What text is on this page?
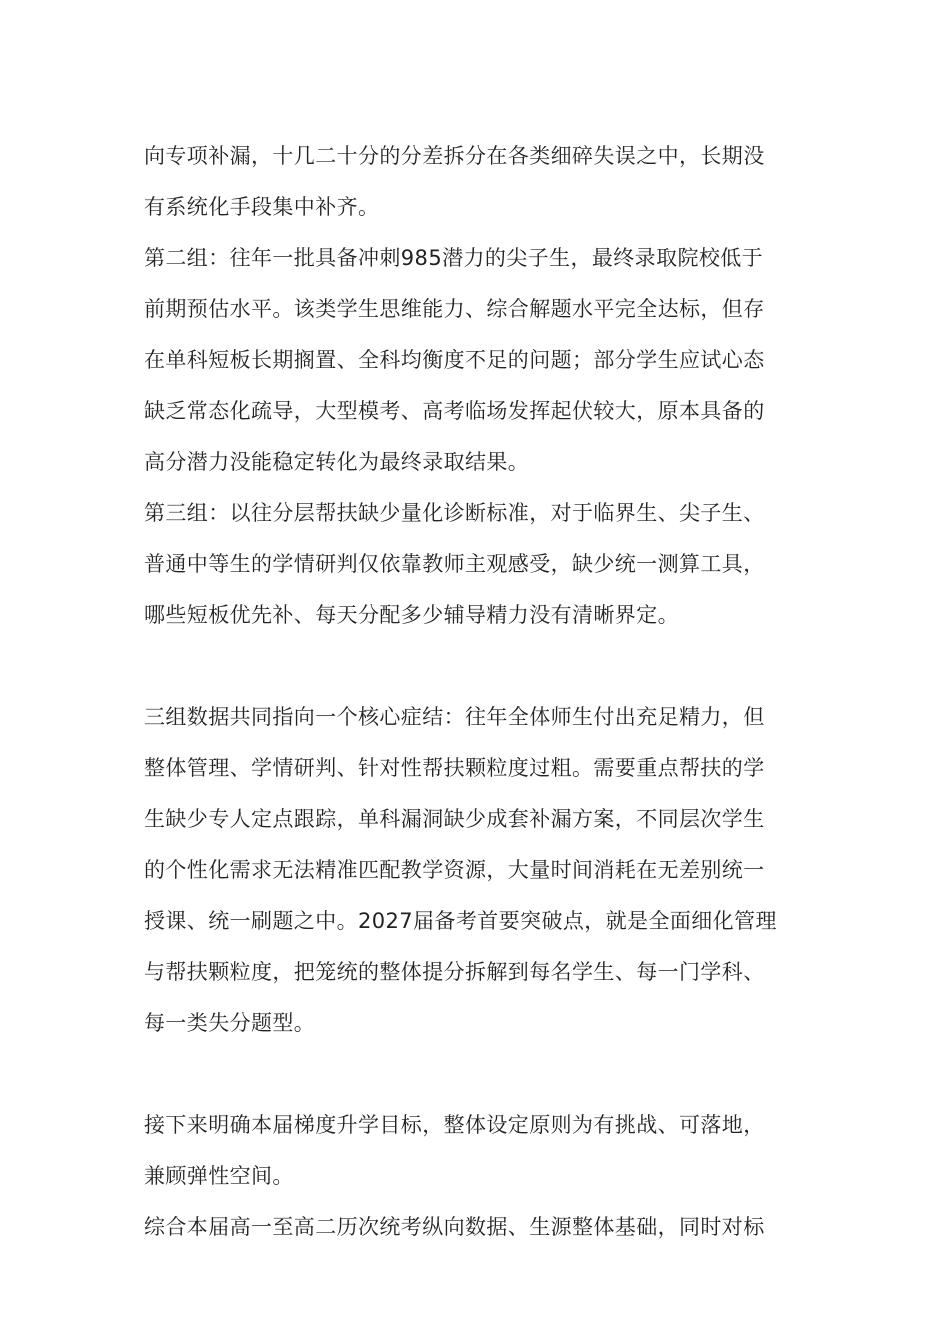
向专项补漏，十几二十分的分差拆分在各类细碎失误之中，长期没
有系统化手段集中补齐。
第二组：往年一批具备冲刺985潜力的尖子生，最终录取院校低于
前期预估水平。该类学生思维能力、综合解题水平完全达标，但存
在单科短板长期搁置、全科均衡度不足的问题；部分学生应试心态
缺乏常态化疏导，大型模考、高考临场发挥起伏较大，原本具备的
高分潜力没能稳定转化为最终录取结果。
第三组：以往分层帮扶缺少量化诊断标准，对于临界生、尖子生、
普通中等生的学情研判仅依靠教师主观感受，缺少统一测算工具，
哪些短板优先补、每天分配多少辅导精力没有清晰界定。
三组数据共同指向一个核心症结：往年全体师生付出充足精力，但
整体管理、学情研判、针对性帮扶颗粒度过粗。需要重点帮扶的学
生缺少专人定点跟踪，单科漏洞缺少成套补漏方案，不同层次学生
的个性化需求无法精准匹配教学资源，大量时间消耗在无差别统一
授课、统一刷题之中。2027届备考首要突破点，就是全面细化管理
与帮扶颗粒度，把笼统的整体提分拆解到每名学生、每一门学科、
每一类失分题型。
接下来明确本届梯度升学目标，整体设定原则为有挑战、可落地，
兼顾弹性空间。
综合本届高一至高二历次统考纵向数据、生源整体基础，同时对标
